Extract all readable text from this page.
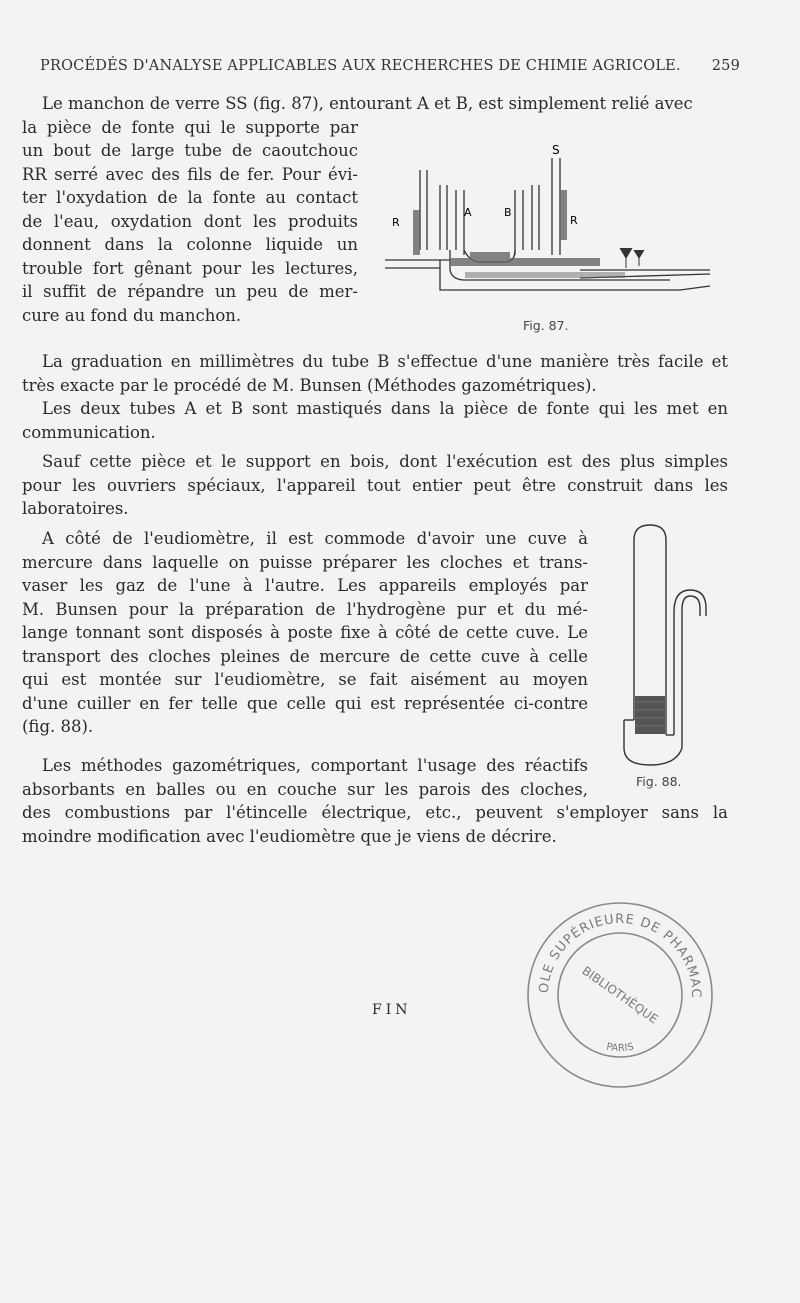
PROCÉDÉS D'ANALYSE APPLICABLES AUX RECHERCHES DE CHIMIE AGRICOLE. 259
Le manchon de verre SS (fig. 87), entourant A et B, est simplement relié avec
la pièce de fonte qui le supporte par
un bout de large tube de caoutchouc
RR serré avec des fils de fer. Pour évi-
ter l'oxydation de la fonte au contact
de l'eau, oxydation dont les produits
donnent dans la colonne liquide un
trouble fort gênant pour les lectures,
il suffit de répandre un peu de mer-
cure au fond du manchon.
S
A	B
R	R
Fig. 87.
La graduation en millimètres du tube B s'effectue d'une manière très facile et
très exacte par le procédé de M. Bunsen (Méthodes gazométriques).
Les deux tubes A et B sont mastiqués dans la pièce de fonte qui les met en
communication.
Sauf cette pièce et le support en bois, dont l'exécution est des plus simples
pour les ouvriers spéciaux, l'appareil tout entier peut être construit dans les
laboratoires.
A côté de l'eudiomètre, il est commode d'avoir une cuve à
mercure dans laquelle on puisse préparer les cloches et trans-
vaser les gaz de l'une à l'autre. Les appareils employés par
M. Bunsen pour la préparation de l'hydrogène pur et du mé-
lange tonnant sont disposés à poste fixe à côté de cette cuve. Le
transport des cloches pleines de mercure de cette cuve à celle
qui est montée sur l'eudiomètre, se fait aisément au moyen
d'une cuiller en fer telle que celle qui est représentée ci-contre
(fig. 88).
Fig. 88.
Les méthodes gazométriques, comportant l'usage des réactifs
absorbants en balles ou en couche sur les parois des cloches,
des combustions par l'étincelle électrique, etc., peuvent s'employer sans la
moindre modification avec l'eudiomètre que je viens de décrire.
FIN
ÉCOLE SUPÉRIEURE DE PHARMACIE
BIBLIOTHÈQUE
PARIS
